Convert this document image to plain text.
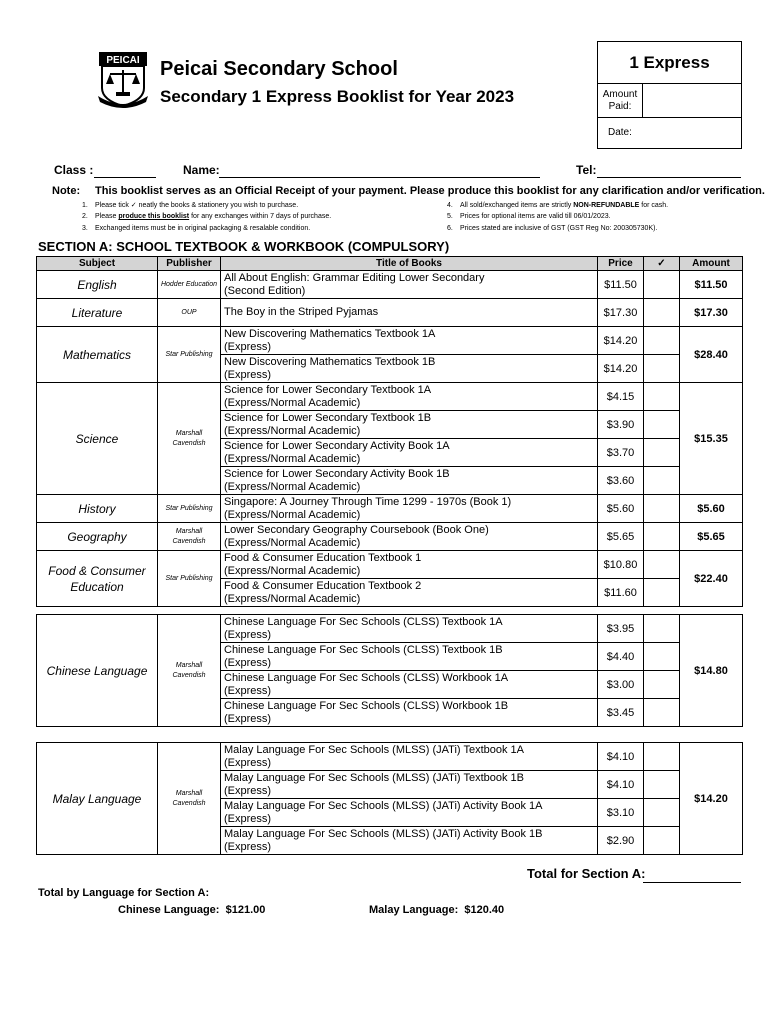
PEICAI Peicai Secondary School
Secondary 1 Express Booklist for Year 2023
1 Express
Amount Paid:
Date:
Class :	Name:	Tel:
Note: This booklist serves as an Official Receipt of your payment. Please produce this booklist for any clarification and/or verification.
1. Please tick ✓ neatly the books & stationery you wish to purchase.
2. Please produce this booklist for any exchanges within 7 days of purchase.
3. Exchanged items must be in original packaging & resalable condition.
4. All sold/exchanged items are strictly NON-REFUNDABLE for cash.
5. Prices for optional items are valid till 06/01/2023.
6. Prices stated are inclusive of GST (GST Reg No: 200305730K).
SECTION A: SCHOOL TEXTBOOK & WORKBOOK (COMPULSORY)
Subject	Publisher	Title of Books	Price	✓	Amount
English	Hodder Education	All About English: Grammar Editing Lower Secondary
(Second Edition)	$11.50		$11.50
Literature	OUP	The Boy in the Striped Pyjamas	$17.30		$17.30
Mathematics	Star Publishing	New Discovering Mathematics Textbook 1A
(Express)	$14.20		$28.40
		New Discovering Mathematics Textbook 1B
(Express)	$14.20		
Science	Marshall Cavendish	Science for Lower Secondary Textbook 1A
(Express/Normal Academic)	$4.15		$15.35
		Science for Lower Secondary Textbook 1B
(Express/Normal Academic)	$3.90		
		Science for Lower Secondary Activity Book 1A
(Express/Normal Academic)	$3.70		
		Science for Lower Secondary Activity Book 1B
(Express/Normal Academic)	$3.60		
History	Star Publishing	Singapore: A Journey Through Time 1299 - 1970s (Book 1)
(Express/Normal Academic)	$5.60		$5.60
Geography	Marshall Cavendish	Lower Secondary Geography Coursebook (Book One)
(Express/Normal Academic)	$5.65		$5.65
Food & Consumer Education	Star Publishing	Food & Consumer Education Textbook 1
(Express/Normal Academic)	$10.80		$22.40
		Food & Consumer Education Textbook 2
(Express/Normal Academic)	$11.60		
Chinese Language	Marshall Cavendish	Chinese Language For Sec Schools (CLSS) Textbook 1A
(Express)	$3.95		$14.80
		Chinese Language For Sec Schools (CLSS) Textbook 1B
(Express)	$4.40		
		Chinese Language For Sec Schools (CLSS) Workbook 1A
(Express)	$3.00		
		Chinese Language For Sec Schools (CLSS) Workbook 1B
(Express)	$3.45		
Malay Language	Marshall Cavendish	Malay Language For Sec Schools (MLSS) (JATi) Textbook 1A
(Express)	$4.10		$14.20
		Malay Language For Sec Schools (MLSS) (JATi) Textbook 1B
(Express)	$4.10		
		Malay Language For Sec Schools (MLSS) (JATi) Activity Book 1A
(Express)	$3.10		
		Malay Language For Sec Schools (MLSS) (JATi) Activity Book 1B
(Express)	$2.90		
Total for Section A:
Total by Language for Section A:
Chinese Language: $121.00	Malay Language: $120.40
